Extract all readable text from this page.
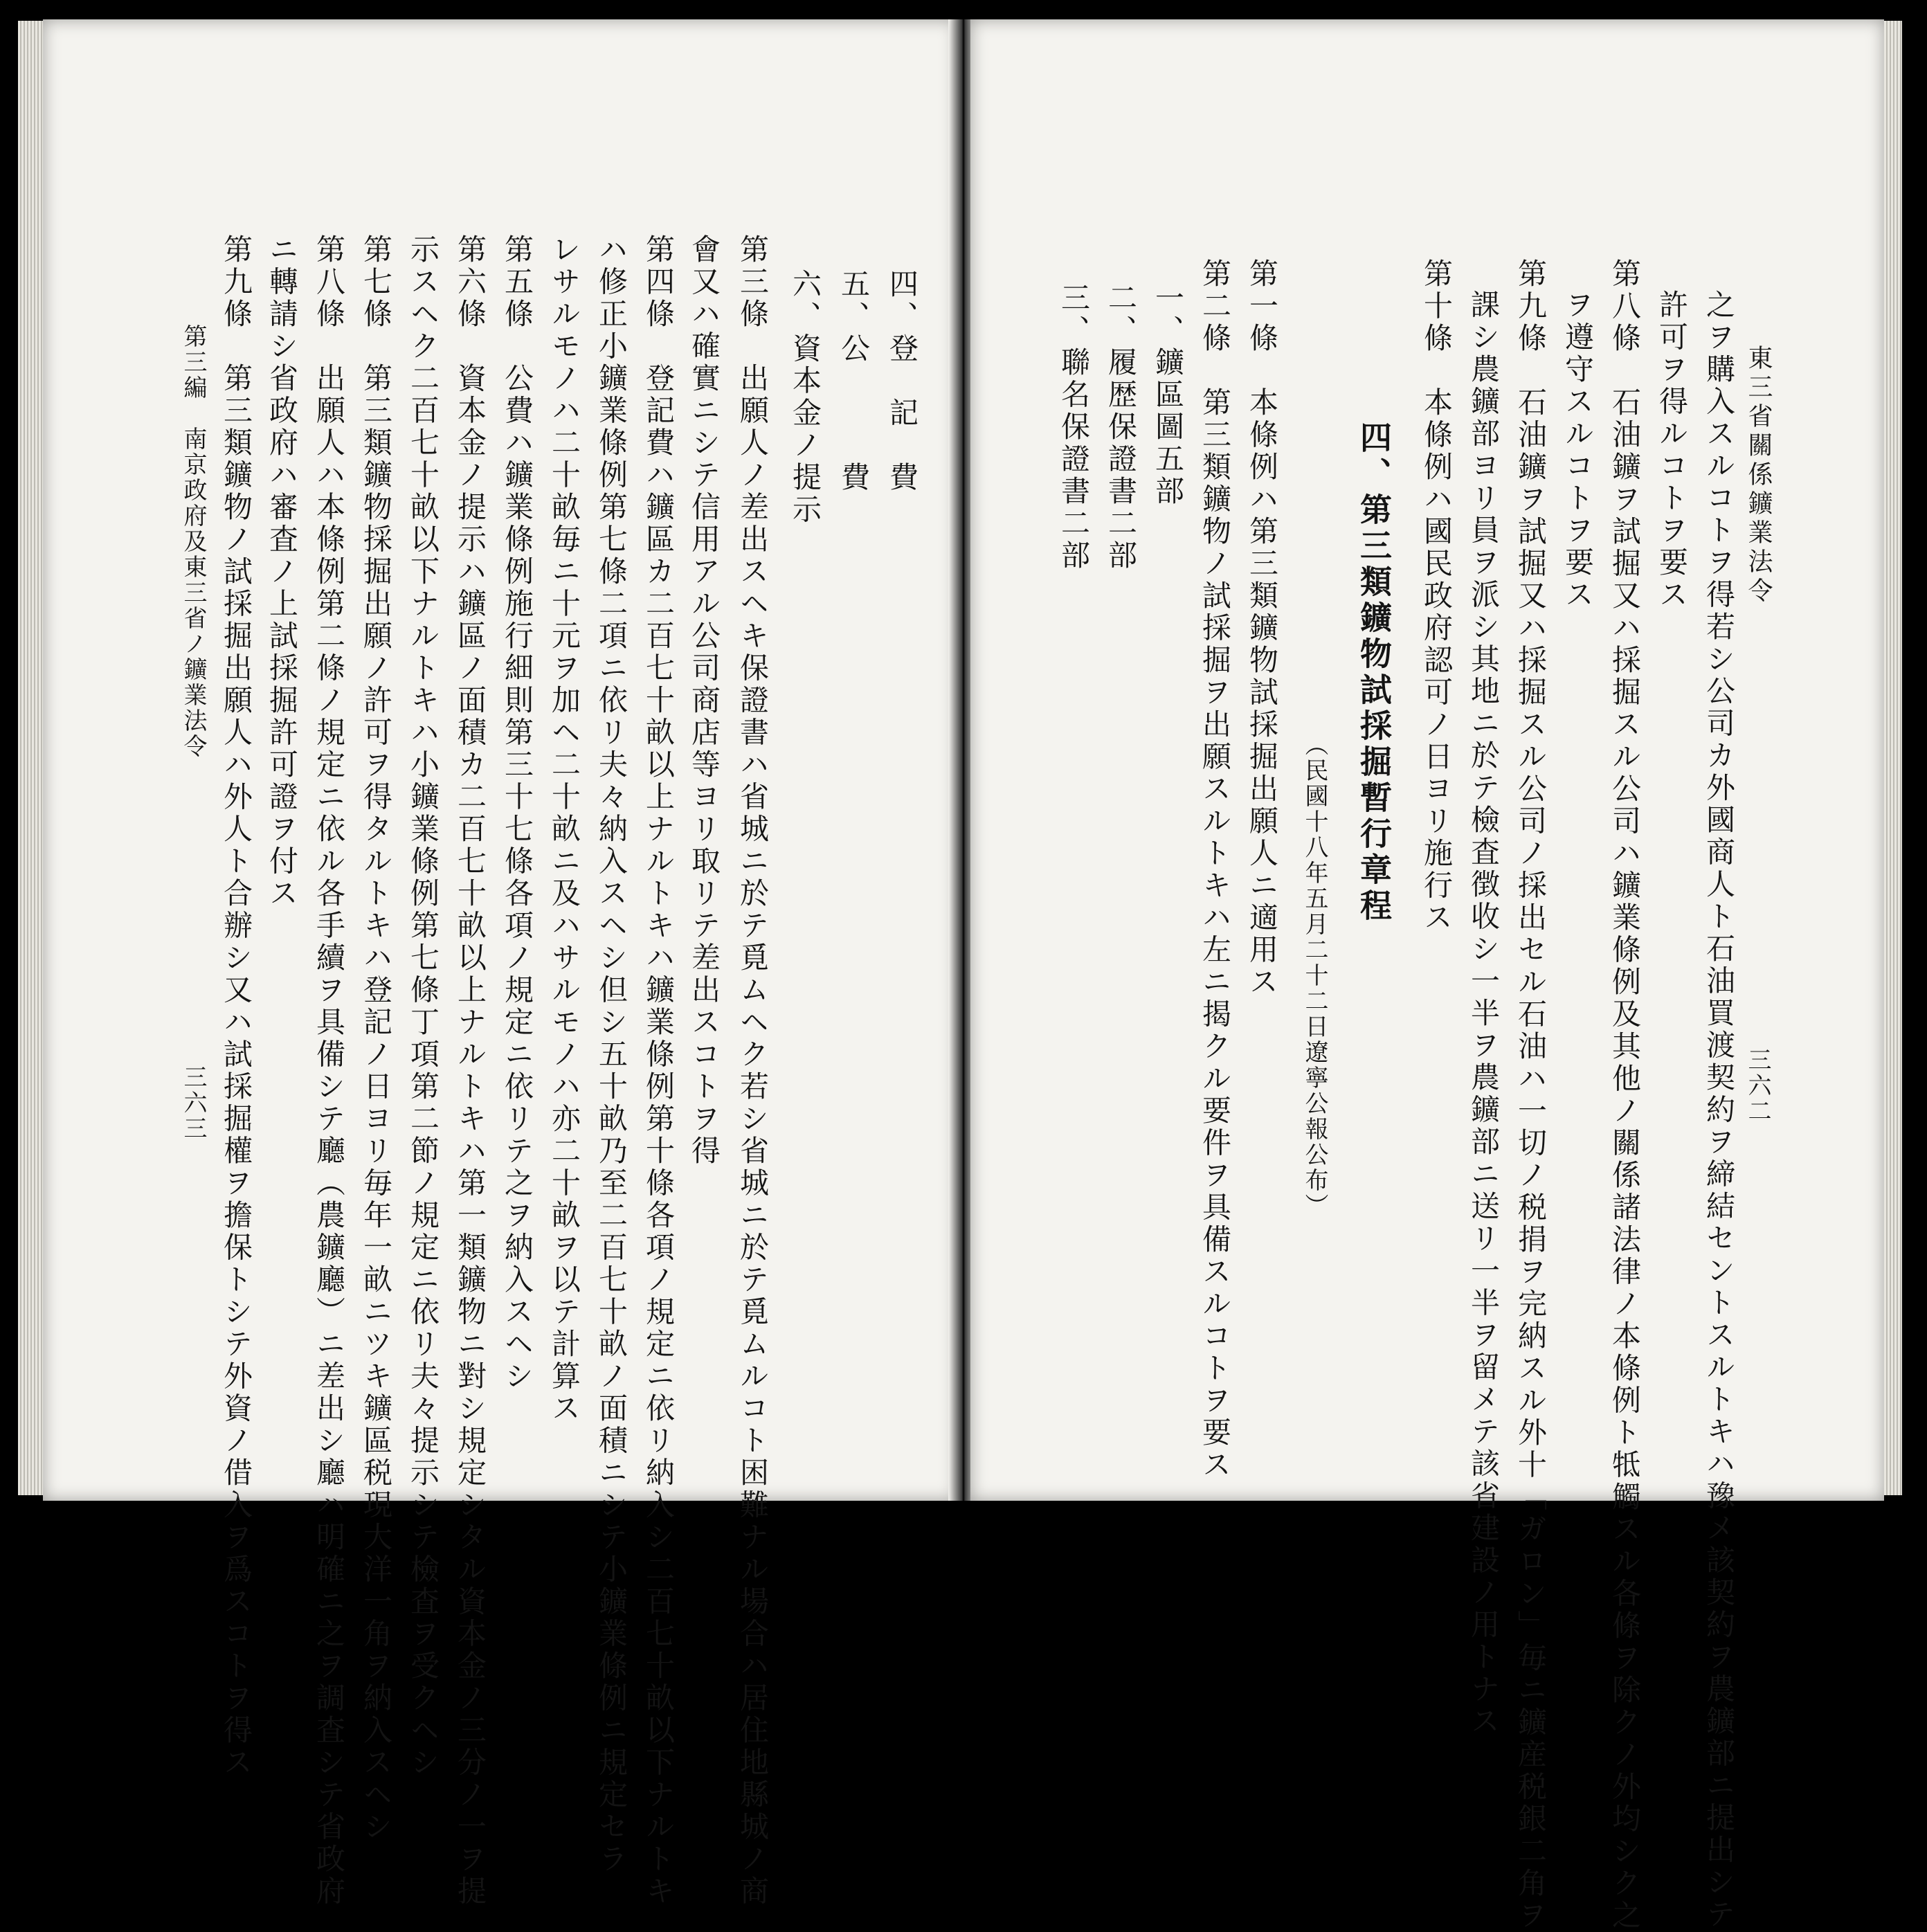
四、登　記　費
五、公　　　費
六、資本金ノ提示
第三條　出願人ノ差出スヘキ保證書ハ省城ニ於テ覓ムヘク若シ省城ニ於テ覓ムルコト困難ナル場合ハ居住地縣城ノ商
會又ハ確實ニシテ信用アル公司商店等ヨリ取リテ差出スコトヲ得
第四條　登記費ハ鑛區カ二百七十畝以上ナルトキハ鑛業條例第十條各項ノ規定ニ依リ納入シ二百七十畝以下ナルトキ
ハ修正小鑛業條例第七條二項ニ依リ夫々納入スヘシ但シ五十畝乃至二百七十畝ノ面積ニシテ小鑛業條例ニ規定セラ
レサルモノハ二十畝毎ニ十元ヲ加ヘ二十畝ニ及ハサルモノハ亦二十畝ヲ以テ計算ス
第五條　公費ハ鑛業條例施行細則第三十七條各項ノ規定ニ依リテ之ヲ納入スヘシ
第六條　資本金ノ提示ハ鑛區ノ面積カ二百七十畝以上ナルトキハ第一類鑛物ニ對シ規定シタル資本金ノ三分ノ一ヲ提
示スヘク二百七十畝以下ナルトキハ小鑛業條例第七條丁項第二節ノ規定ニ依リ夫々提示シテ檢査ヲ受クヘシ
第七條　第三類鑛物採掘出願ノ許可ヲ得タルトキハ登記ノ日ヨリ毎年一畝ニツキ鑛區税現大洋一角ヲ納入スヘシ
第八條　出願人ハ本條例第二條ノ規定ニ依ル各手續ヲ具備シテ廳（農鑛廳）ニ差出シ廳ハ明確ニ之ヲ調査シテ省政府
ニ轉請シ省政府ハ審査ノ上試採掘許可證ヲ付ス
第九條　第三類鑛物ノ試採掘出願人ハ外人ト合辦シ又ハ試採掘權ヲ擔保トシテ外資ノ借入ヲ爲スコトヲ得ス
第三編　南京政府及東三省ノ鑛業法令
三六三
東三省關係鑛業法令
三六二
之ヲ購入スルコトヲ得若シ公司カ外國商人ト石油買渡契約ヲ締結セントスルトキハ豫メ該契約ヲ農鑛部ニ提出シテ
許可ヲ得ルコトヲ要ス
第八條　石油鑛ヲ試掘又ハ採掘スル公司ハ鑛業條例及其他ノ關係諸法律ノ本條例ト牴觸スル各條ヲ除クノ外均シク之
ヲ遵守スルコトヲ要ス
第九條　石油鑛ヲ試掘又ハ採掘スル公司ノ採出セル石油ハ一切ノ税捐ヲ完納スル外十「ガロン」毎ニ鑛産税銀二角ヲ
課シ農鑛部ヨリ員ヲ派シ其地ニ於テ檢査徴收シ一半ヲ農鑛部ニ送リ一半ヲ留メテ該省建設ノ用トナス
第十條　本條例ハ國民政府認可ノ日ヨリ施行ス
四、第三類鑛物試採掘暫行章程
（民國十八年五月二十二日遼寧公報公布）
第一條　本條例ハ第三類鑛物試採掘出願人ニ適用ス
第二條　第三類鑛物ノ試採掘ヲ出願スルトキハ左ニ揭クル要件ヲ具備スルコトヲ要ス
一、鑛區圖五部
二、履歴保證書二部
三、聯名保證書二部
